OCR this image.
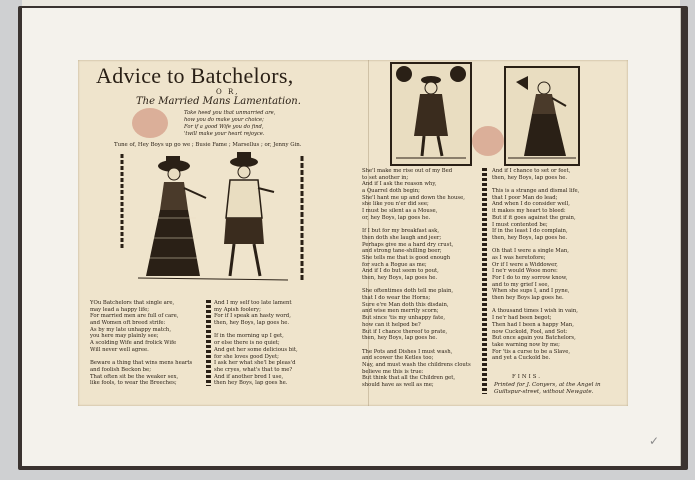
Advice to Batchelors,
O R,
The Married Mans Lamentation.
Take heed you that unmarried are,
how you do make your choice;
For if a good Wife you do find,
'twill make your heart rejoyce.
Tune of, Hey Boys up go we ; Busie Fame ; Marsellus ; or, Jenny Gin.
YOu Batchelors that single are,
may lead a happy life;
For married men are full of care,
and Women oft breed strife:
As by my late unhappy match,
you here may plainly see;
A scolding Wife and frolick Wife
Will never well agree.
Beware a thing that wins mens hearts
and foolish Beckon be;
That often sit be the weaker sex,
like fools, to wear the Breeches;
And I my self too late lament
my Apish foolery;
For if I speak an hasty word,
then, hey Boys, lap goes he.
If in the morning up I get,
or else there is no quiet;
And get her some delicious bit,
for she loves good Dyet;
I ask her what she'l be pleas'd
she cryes, what's that to me?
And if another bred I use,
then hey Boys, lap goes he.
She'l make me rise out of my Bed
to set another in;
And if I ask the reason why,
a Quarrel doth begin;
She'l hant me up and down the house,
she like you n'er did see;
I must be silent as a Mouse,
or, hey Boys, lap goes he.
If I but for my breakfast ask,
then doth she laugh and jeer;
Perhaps give me a hard dry crust,
and strong tane-shilling beer;
She tells me that is good enough
for such a Rogue as me;
And if I do but seem to pout,
then, hey Boys, lap goes he.
She oftentimes doth tell me plain,
that I do wear the Horns;
Sure e're Man doth this disdain,
and wise men merrily scorn;
But since 'tis my unhappy fate,
how can it helped be?
But if I chance thereof to prate,
then, hey Boys, lap goes he.
The Pots and Dishes I must wash,
and scower the Ketles too;
Nay, and must wash the childrens clouts
believe me this is true:
But think that all the Children get,
should have as well as me;
And if I chance to set or feet,
then, hey Boys, lap goes he.
This is a strange and dismal life,
that I poor Man do lead;
And when I do consider well,
it makes my heart to bleed:
But if it goes against the grain,
I must contented be;
If in the least I do complain,
then, hey Boys, lap goes he.
Oh that I were a single Man,
as I was heretofore;
Or if I were a Widdower,
I ne'r would Wooe more:
For I do to my sorrow know,
and to my grief I see,
When she sups I, and I pyne,
then hey Boys lap goes he.
A thousand times I wish in vain,
I ne'r had been begot;
Then had I been a happy Man,
now Cuckold, Fool, and Sot:
But once again you Batchelors,
take warning now by me;
For 'tis a curse to be a Slave,
and yet a Cuckold be.
FINIS.
Printed for J. Conyers, at the Angel in
Guiltspur-street, without Newgate.
✓
